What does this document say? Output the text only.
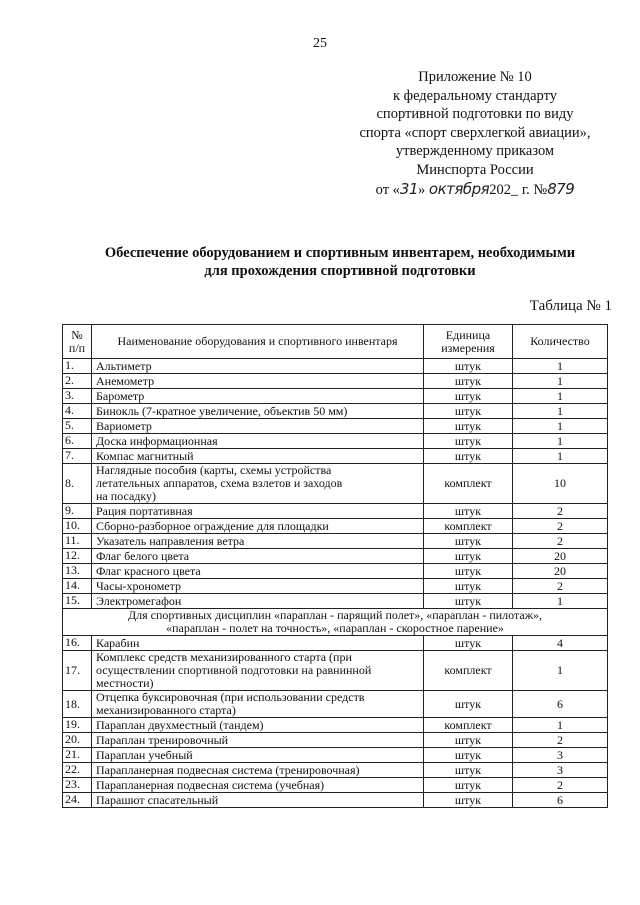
25
Приложение № 10
к федеральному стандарту
спортивной подготовки по виду
спорта «спорт сверхлегкой авиации»,
утвержденному приказом
Минспорта России
от «31» октября202_ г. №879
Обеспечение оборудованием и спортивным инвентарем, необходимыми
для прохождения спортивной подготовки
Таблица № 1
№ п/п	Наименование оборудования и спортивного инвентаря	Единица измерения	Количество
1.	Альтиметр	штук	1
2.	Анемометр	штук	1
3.	Барометр	штук	1
4.	Бинокль (7-кратное увеличение, объектив 50 мм)	штук	1
5.	Вариометр	штук	1
6.	Доска информационная	штук	1
7.	Компас магнитный	штук	1
8.	Наглядные пособия (карты, схемы устройства
летательных аппаратов, схема взлетов и заходов
на посадку)	комплект	10
9.	Рация портативная	штук	2
10.	Сборно-разборное ограждение для площадки	комплект	2
11.	Указатель направления ветра	штук	2
12.	Флаг белого цвета	штук	20
13.	Флаг красного цвета	штук	20
14.	Часы-хронометр	штук	2
15.	Электромегафон	штук	1

Для спортивных дисциплин «параплан - парящий полет», «параплан - пилотаж»,
«параплан - полет на точность», «параплан - скоростное парение»			

16.	Карабин	штук	4
17.	Комплекс средств механизированного старта (при
осуществлении спортивной подготовки на равнинной
местности)	комплект	1
18.	Отцепка буксировочная (при использовании средств
механизированного старта)	штук	6
19.	Параплан двухместный (тандем)	комплект	1
20.	Параплан тренировочный	штук	2
21.	Параплан учебный	штук	3
22.	Парапланерная подвесная система (тренировочная)	штук	3
23.	Парапланерная подвесная система (учебная)	штук	2
24.	Парашют спасательный	штук	6
